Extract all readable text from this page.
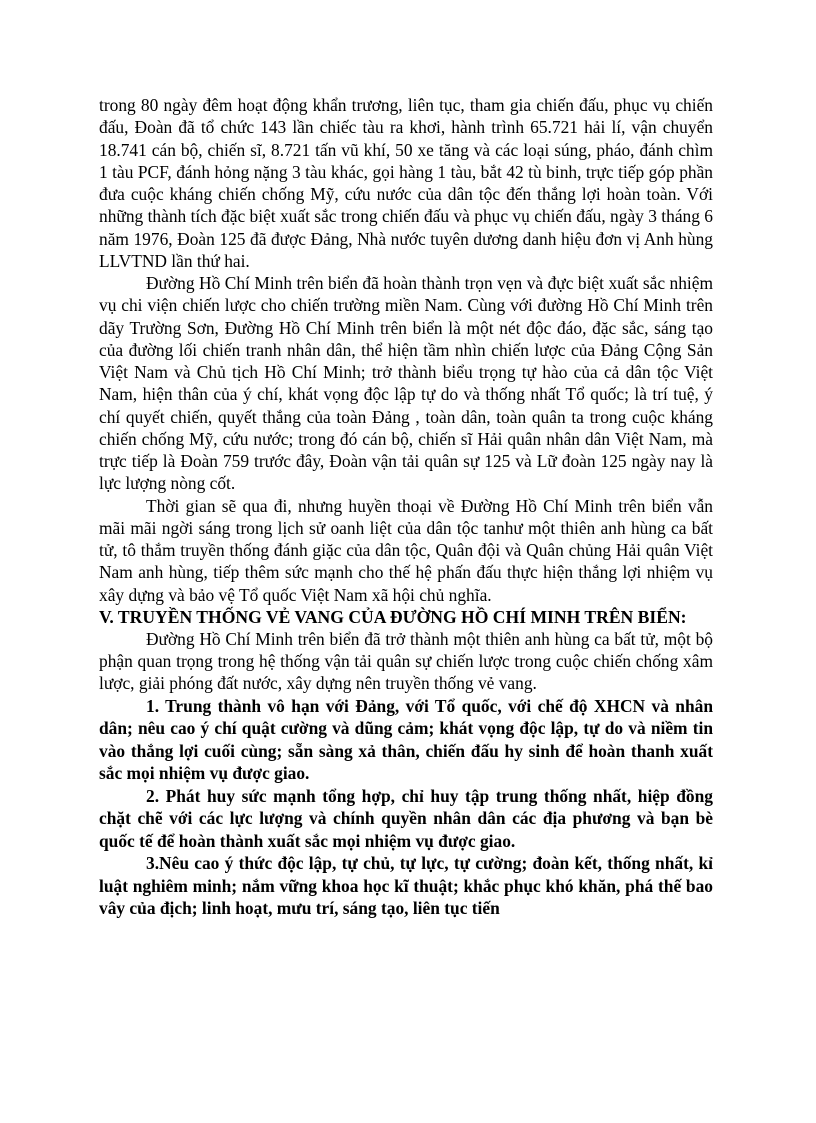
trong 80 ngày đêm hoạt động khẩn trương, liên tục, tham gia chiến đấu, phục vụ chiến đấu, Đoàn đã tổ chức 143 lần chiếc tàu ra khơi, hành trình 65.721 hải lí, vận chuyển 18.741 cán bộ, chiến sĩ, 8.721 tấn vũ khí, 50 xe tăng và các loại súng, pháo, đánh chìm 1 tàu PCF, đánh hỏng nặng 3 tàu khác, gọi hàng 1 tàu, bắt 42 tù binh, trực tiếp góp phần đưa cuộc kháng chiến chống Mỹ, cứu nước của dân tộc đến thắng lợi hoàn toàn. Với những thành tích đặc biệt xuất sắc trong chiến đấu và phục vụ chiến đấu, ngày 3 tháng 6 năm 1976, Đoàn 125 đã được Đảng, Nhà nước tuyên dương danh hiệu đơn vị Anh hùng LLVTND lần thứ hai.

Đường Hồ Chí Minh trên biển đã hoàn thành trọn vẹn và đực biệt xuất sắc nhiệm vụ chi viện chiến lược cho chiến trường miền Nam. Cùng với đường Hồ Chí Minh trên dãy Trường Sơn, Đường Hồ Chí Minh trên biển là một nét độc đáo, đặc sắc, sáng tạo của đường lối chiến tranh nhân dân, thể hiện tầm nhìn chiến lược của Đảng Cộng Sản Việt Nam và Chủ tịch Hồ Chí Minh; trở thành biểu trọng tự hào của cả dân tộc Việt Nam, hiện thân của ý chí, khát vọng độc lập tự do và thống nhất Tổ quốc; là trí tuệ, ý chí quyết chiến, quyết thắng của toàn Đảng , toàn dân, toàn quân ta trong cuộc kháng chiến chống Mỹ, cứu nước; trong đó cán bộ, chiến sĩ Hải quân nhân dân Việt Nam, mà trực tiếp là Đoàn 759 trước đây, Đoàn vận tải quân sự 125 và Lữ đoàn 125 ngày nay là lực lượng nòng cốt.

Thời gian sẽ qua đi, nhưng huyền thoại về Đường Hồ Chí Minh trên biển vẫn mãi mãi ngời sáng trong lịch sử oanh liệt của dân tộc tanhư một thiên anh hùng ca bất tử, tô thắm truyền thống đánh giặc của dân tộc, Quân đội và Quân chủng Hải quân Việt Nam anh hùng, tiếp thêm sức mạnh cho thế hệ phấn đấu thực hiện thắng lợi nhiệm vụ xây dựng và bảo vệ Tổ quốc Việt Nam xã hội chủ nghĩa.

V. TRUYỀN THỐNG VẺ VANG CỦA ĐƯỜNG HỒ CHÍ MINH TRÊN BIỂN:

Đường Hồ Chí Minh trên biển đã trở thành một thiên anh hùng ca bất tử, một bộ phận quan trọng trong hệ thống vận tải quân sự chiến lược trong cuộc chiến chống xâm lược, giải phóng đất nước, xây dựng nên truyền thống vẻ vang.

1. Trung thành vô hạn với Đảng, với Tổ quốc, với chế độ XHCN và nhân dân; nêu cao ý chí quật cường và dũng cảm; khát vọng độc lập, tự do và niềm tin vào thắng lợi cuối cùng; sẵn sàng xả thân, chiến đấu hy sinh để hoàn thanh xuất sắc mọi nhiệm vụ được giao.

2. Phát huy sức mạnh tổng hợp, chỉ huy tập trung thống nhất, hiệp đồng chặt chẽ với các lực lượng và chính quyền nhân dân các địa phương và bạn bè quốc tế để hoàn thành xuất sắc mọi nhiệm vụ được giao.

3.Nêu cao ý thức độc lập, tự chủ, tự lực, tự cường; đoàn kết, thống nhất, kỉ luật nghiêm minh; nắm vững khoa học kĩ thuật; khắc phục khó khăn, phá thế bao vây của địch; linh hoạt, mưu trí, sáng tạo, liên tục tiến
